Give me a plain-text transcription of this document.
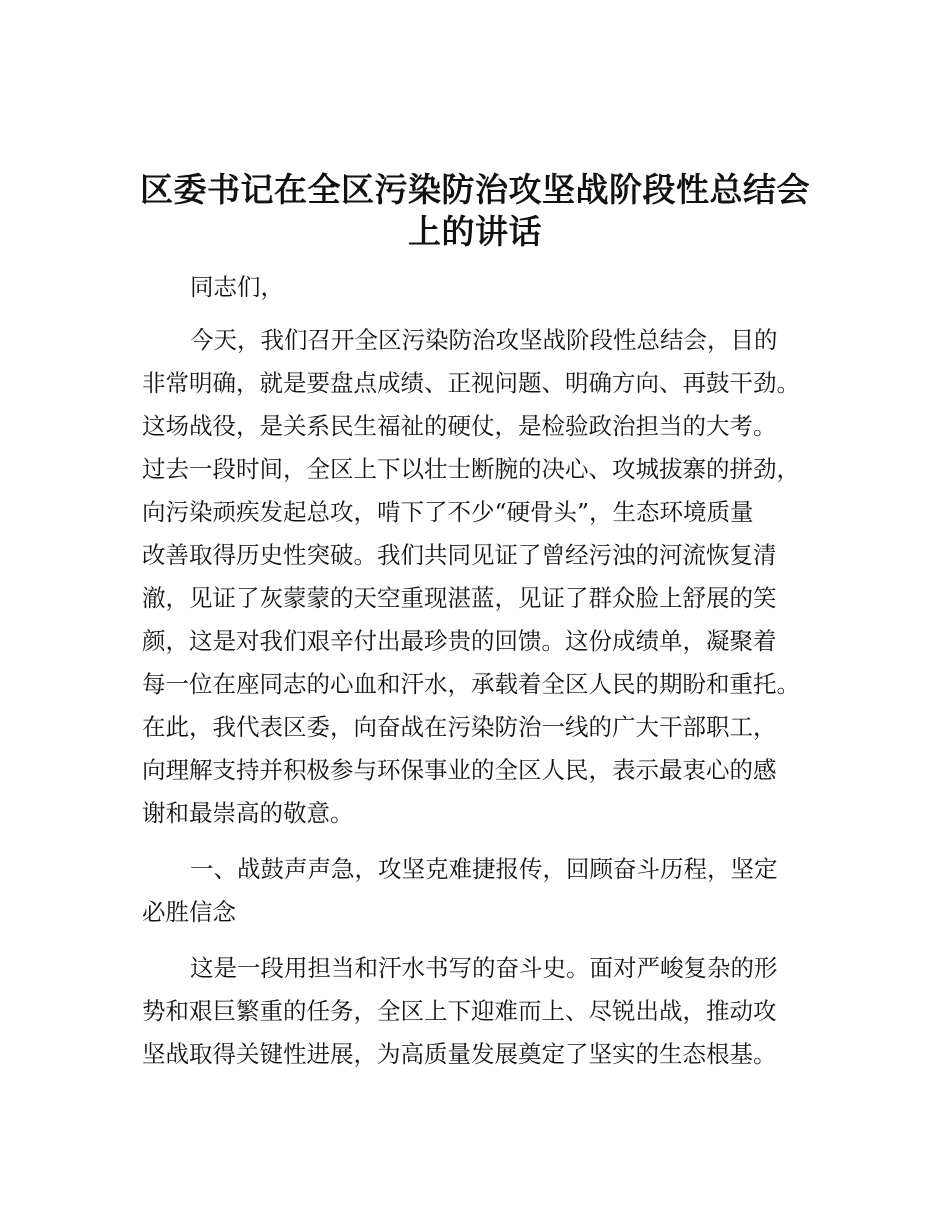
区委书记在全区污染防治攻坚战阶段性总结会
上的讲话
同志们，
今天，我们召开全区污染防治攻坚战阶段性总结会，目的
非常明确，就是要盘点成绩、正视问题、明确方向、再鼓干劲。
这场战役，是关系民生福祉的硬仗，是检验政治担当的大考。
过去一段时间，全区上下以壮士断腕的决心、攻城拔寨的拼劲，
向污染顽疾发起总攻，啃下了不少“硬骨头”，生态环境质量
改善取得历史性突破。我们共同见证了曾经污浊的河流恢复清
澈，见证了灰蒙蒙的天空重现湛蓝，见证了群众脸上舒展的笑
颜，这是对我们艰辛付出最珍贵的回馈。这份成绩单，凝聚着
每一位在座同志的心血和汗水，承载着全区人民的期盼和重托。
在此，我代表区委，向奋战在污染防治一线的广大干部职工，
向理解支持并积极参与环保事业的全区人民，表示最衷心的感
谢和最崇高的敬意。
一、战鼓声声急，攻坚克难捷报传，回顾奋斗历程，坚定
必胜信念
这是一段用担当和汗水书写的奋斗史。面对严峻复杂的形
势和艰巨繁重的任务，全区上下迎难而上、尽锐出战，推动攻
坚战取得关键性进展，为高质量发展奠定了坚实的生态根基。
